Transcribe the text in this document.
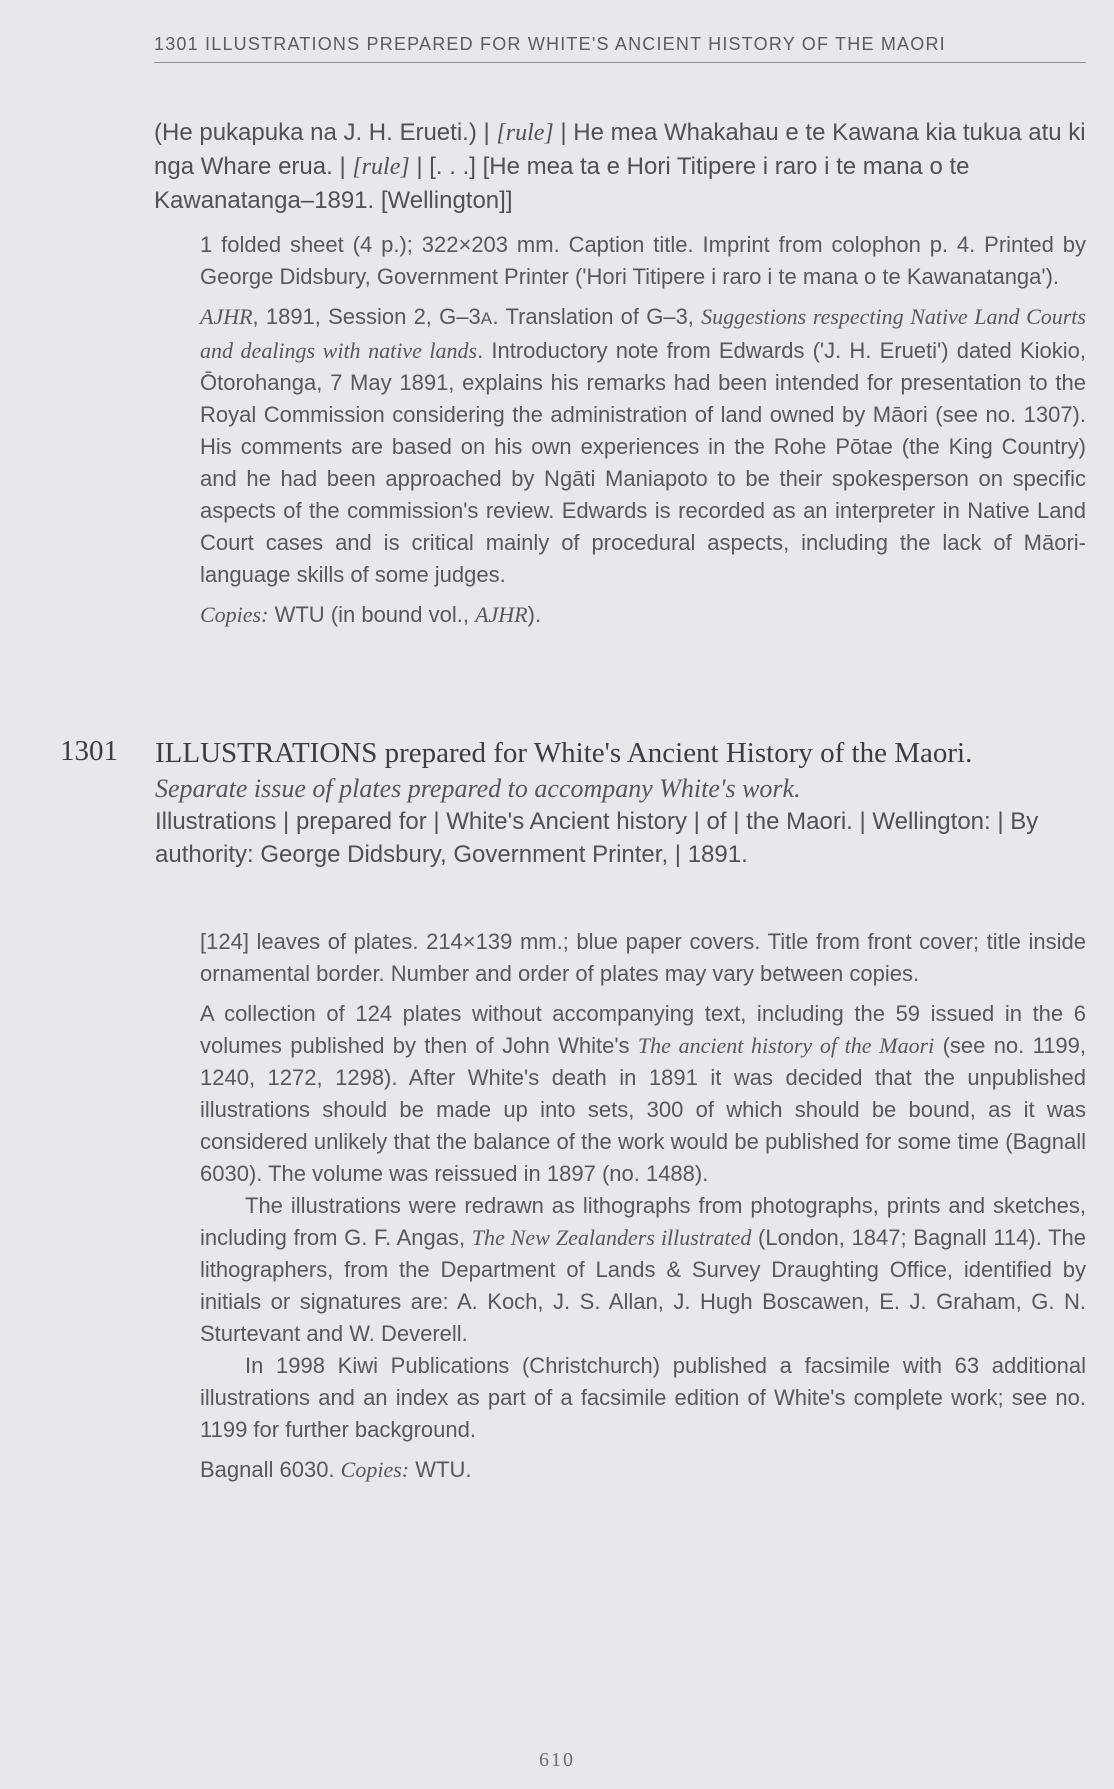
1301 ILLUSTRATIONS PREPARED FOR WHITE'S ANCIENT HISTORY OF THE MAORI

(He pukapuka na J. H. Erueti.) | [rule] | He mea Whakahau e te Kawana kia tukua atu ki nga Whare erua. | [rule] | [. . .] [He mea ta e Hori Titipere i raro i te mana o te Kawanatanga–1891. [Wellington]]

1 folded sheet (4 p.); 322×203 mm. Caption title. Imprint from colophon p. 4. Printed by George Didsbury, Government Printer ('Hori Titipere i raro i te mana o te Kawanatanga').

AJHR, 1891, Session 2, G–3A. Translation of G–3, Suggestions respecting Native Land Courts and dealings with native lands. Introductory note from Edwards ('J. H. Erueti') dated Kiokio, Ōtorohanga, 7 May 1891, explains his remarks had been intended for presentation to the Royal Commission considering the administration of land owned by Māori (see no. 1307). His comments are based on his own experiences in the Rohe Pōtae (the King Country) and he had been approached by Ngāti Maniapoto to be their spokesperson on specific aspects of the commission's review. Edwards is recorded as an interpreter in Native Land Court cases and is critical mainly of procedural aspects, including the lack of Māori-language skills of some judges.

Copies: WTU (in bound vol., AJHR).

1301 ILLUSTRATIONS prepared for White's Ancient History of the Maori.

Separate issue of plates prepared to accompany White's work.

Illustrations | prepared for | White's Ancient history | of | the Maori. | Wellington: | By authority: George Didsbury, Government Printer, | 1891.

[124] leaves of plates. 214×139 mm.; blue paper covers. Title from front cover; title inside ornamental border. Number and order of plates may vary between copies.

A collection of 124 plates without accompanying text, including the 59 issued in the 6 volumes published by then of John White's The ancient history of the Maori (see no. 1199, 1240, 1272, 1298). After White's death in 1891 it was decided that the unpublished illustrations should be made up into sets, 300 of which should be bound, as it was considered unlikely that the balance of the work would be published for some time (Bagnall 6030). The volume was reissued in 1897 (no. 1488).

The illustrations were redrawn as lithographs from photographs, prints and sketches, including from G. F. Angas, The New Zealanders illustrated (London, 1847; Bagnall 114). The lithographers, from the Department of Lands & Survey Draughting Office, identified by initials or signatures are: A. Koch, J. S. Allan, J. Hugh Boscawen, E. J. Graham, G. N. Sturtevant and W. Deverell.

In 1998 Kiwi Publications (Christchurch) published a facsimile with 63 additional illustrations and an index as part of a facsimile edition of White's complete work; see no. 1199 for further background.

Bagnall 6030. Copies: WTU.

610
